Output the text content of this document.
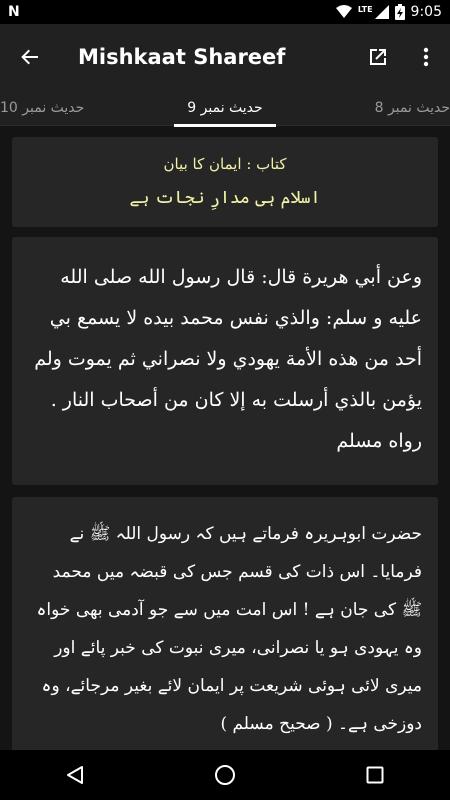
N	LTE	9:05
Mishkaat Shareef
حدیث نمبر 10	حدیث نمبر 9	حدیث نمبر 8
کتاب : ایمان کا بیان
اسلام ہی مدارِ نجات ہے

وعن أبي هريرة قال: قال رسول الله صلى الله عليه و سلم: والذي نفس محمد بيده لا يسمع بي أحد من هذه الأمة يهودي ولا نصراني ثم يموت ولم يؤمن بالذي أرسلت به إلا كان من أصحاب النار . رواه مسلم

حضرت ابوہریرہ فرماتے ہیں کہ رسول اللہ ﷺ نے فرمایا۔ اس ذات کی قسم جس کی قبضہ میں محمد ﷺ کی جان ہے ! اس امت میں سے جو آدمی بھی خواہ وہ یہودی ہو یا نصرانی، میری نبوت کی خبر پائے اور میری لائی ہوئی شریعت پر ایمان لائے بغیر مرجائے، وہ دوزخی ہے۔ ( صحیح مسلم )
